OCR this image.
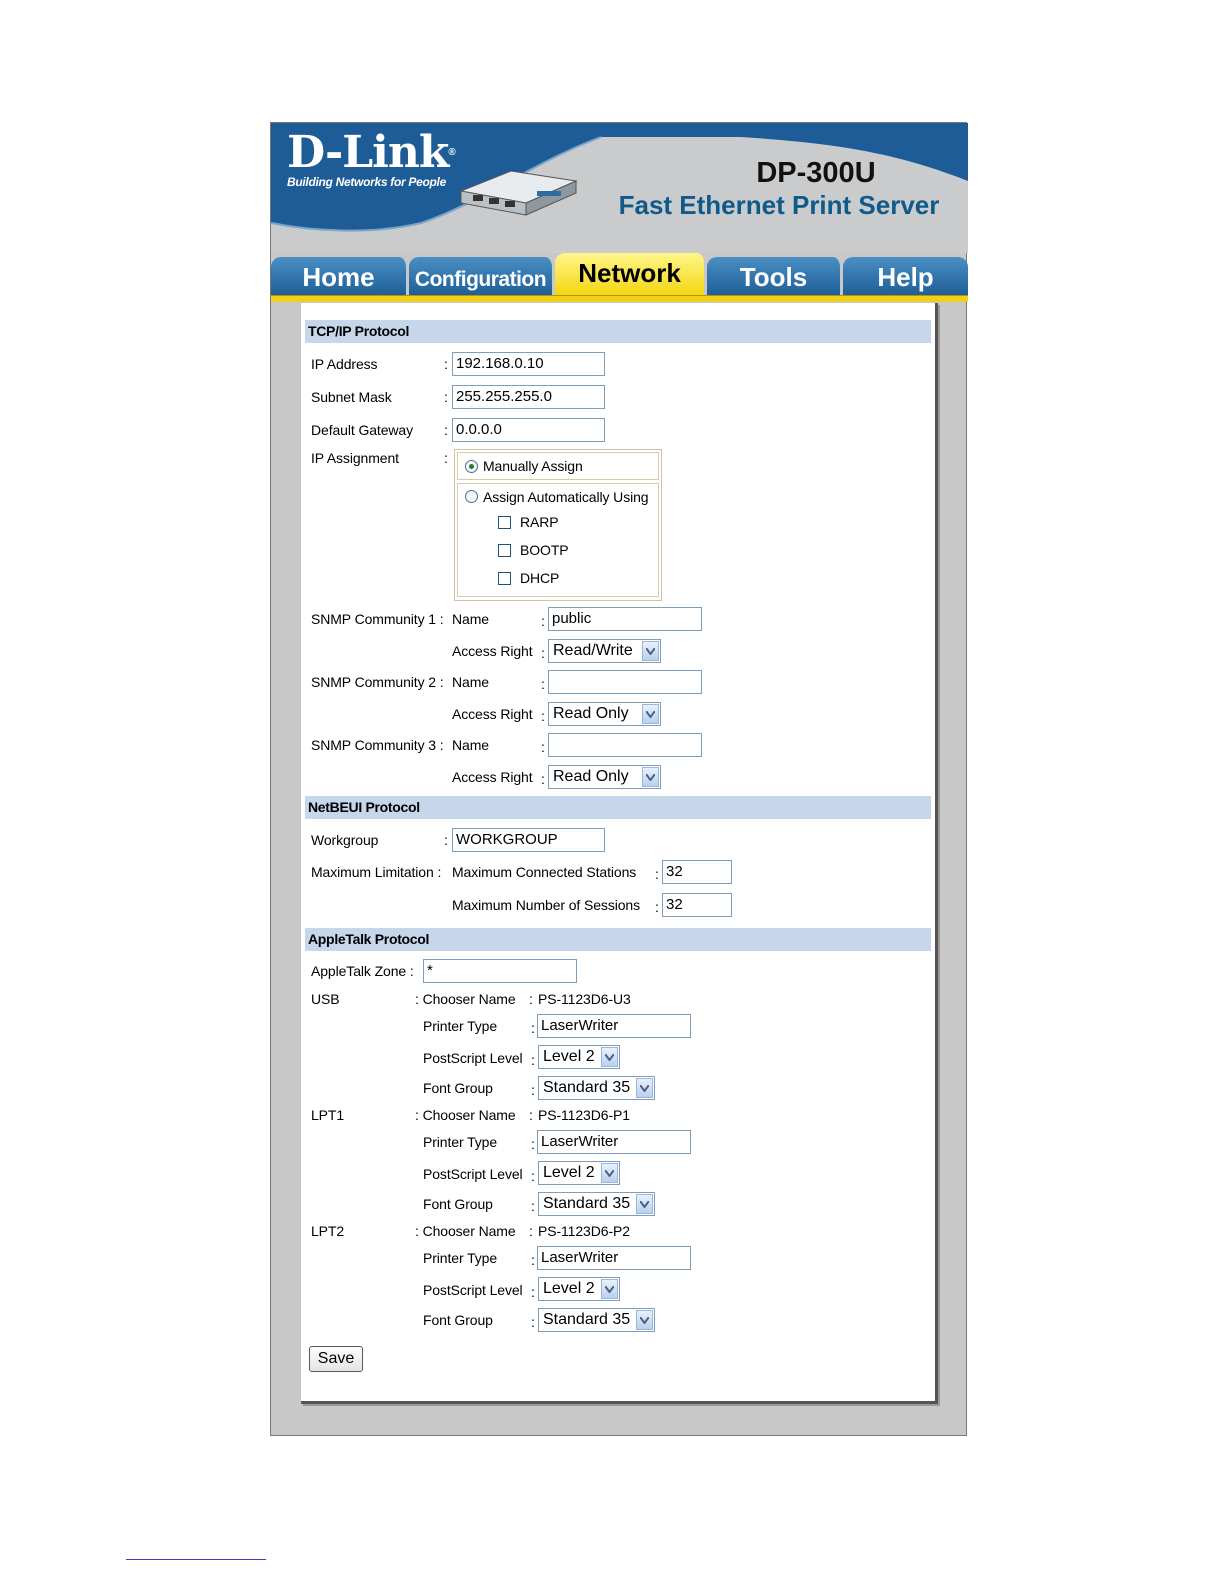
D-Link®
Building Networks for People	DP-300U
Fast Ethernet Print Server
Home	Configuration	Network	Tools	Help
TCP/IP Protocol
IP Address	: 192.168.0.10
Subnet Mask	: 255.255.255.0
Default Gateway : 0.0.0.0
IP Assignment	:	Manually Assign
Assign Automatically Using
RARP
BOOTP
DHCP
SNMP Community 1 : Name	: public
Access Right : Read/Write
SNMP Community 2 : Name	:
Access Right : Read Only
SNMP Community 3 : Name	:
Access Right : Read Only
NetBEUI Protocol
Workgroup	: WORKGROUP
Maximum Limitation : Maximum Connected Stations : 32
Maximum Number of Sessions : 32
AppleTalk Protocol
AppleTalk Zone : *
USB	: Chooser Name : PS-1123D6-U3
Printer Type : LaserWriter
PostScript Level : Level 2
Font Group	: Standard 35
LPT1	: Chooser Name : PS-1123D6-P1
Printer Type : LaserWriter
PostScript Level : Level 2
Font Group	: Standard 35
LPT2	: Chooser Name : PS-1123D6-P2
Printer Type : LaserWriter
PostScript Level : Level 2
Font Group	: Standard 35
Save
